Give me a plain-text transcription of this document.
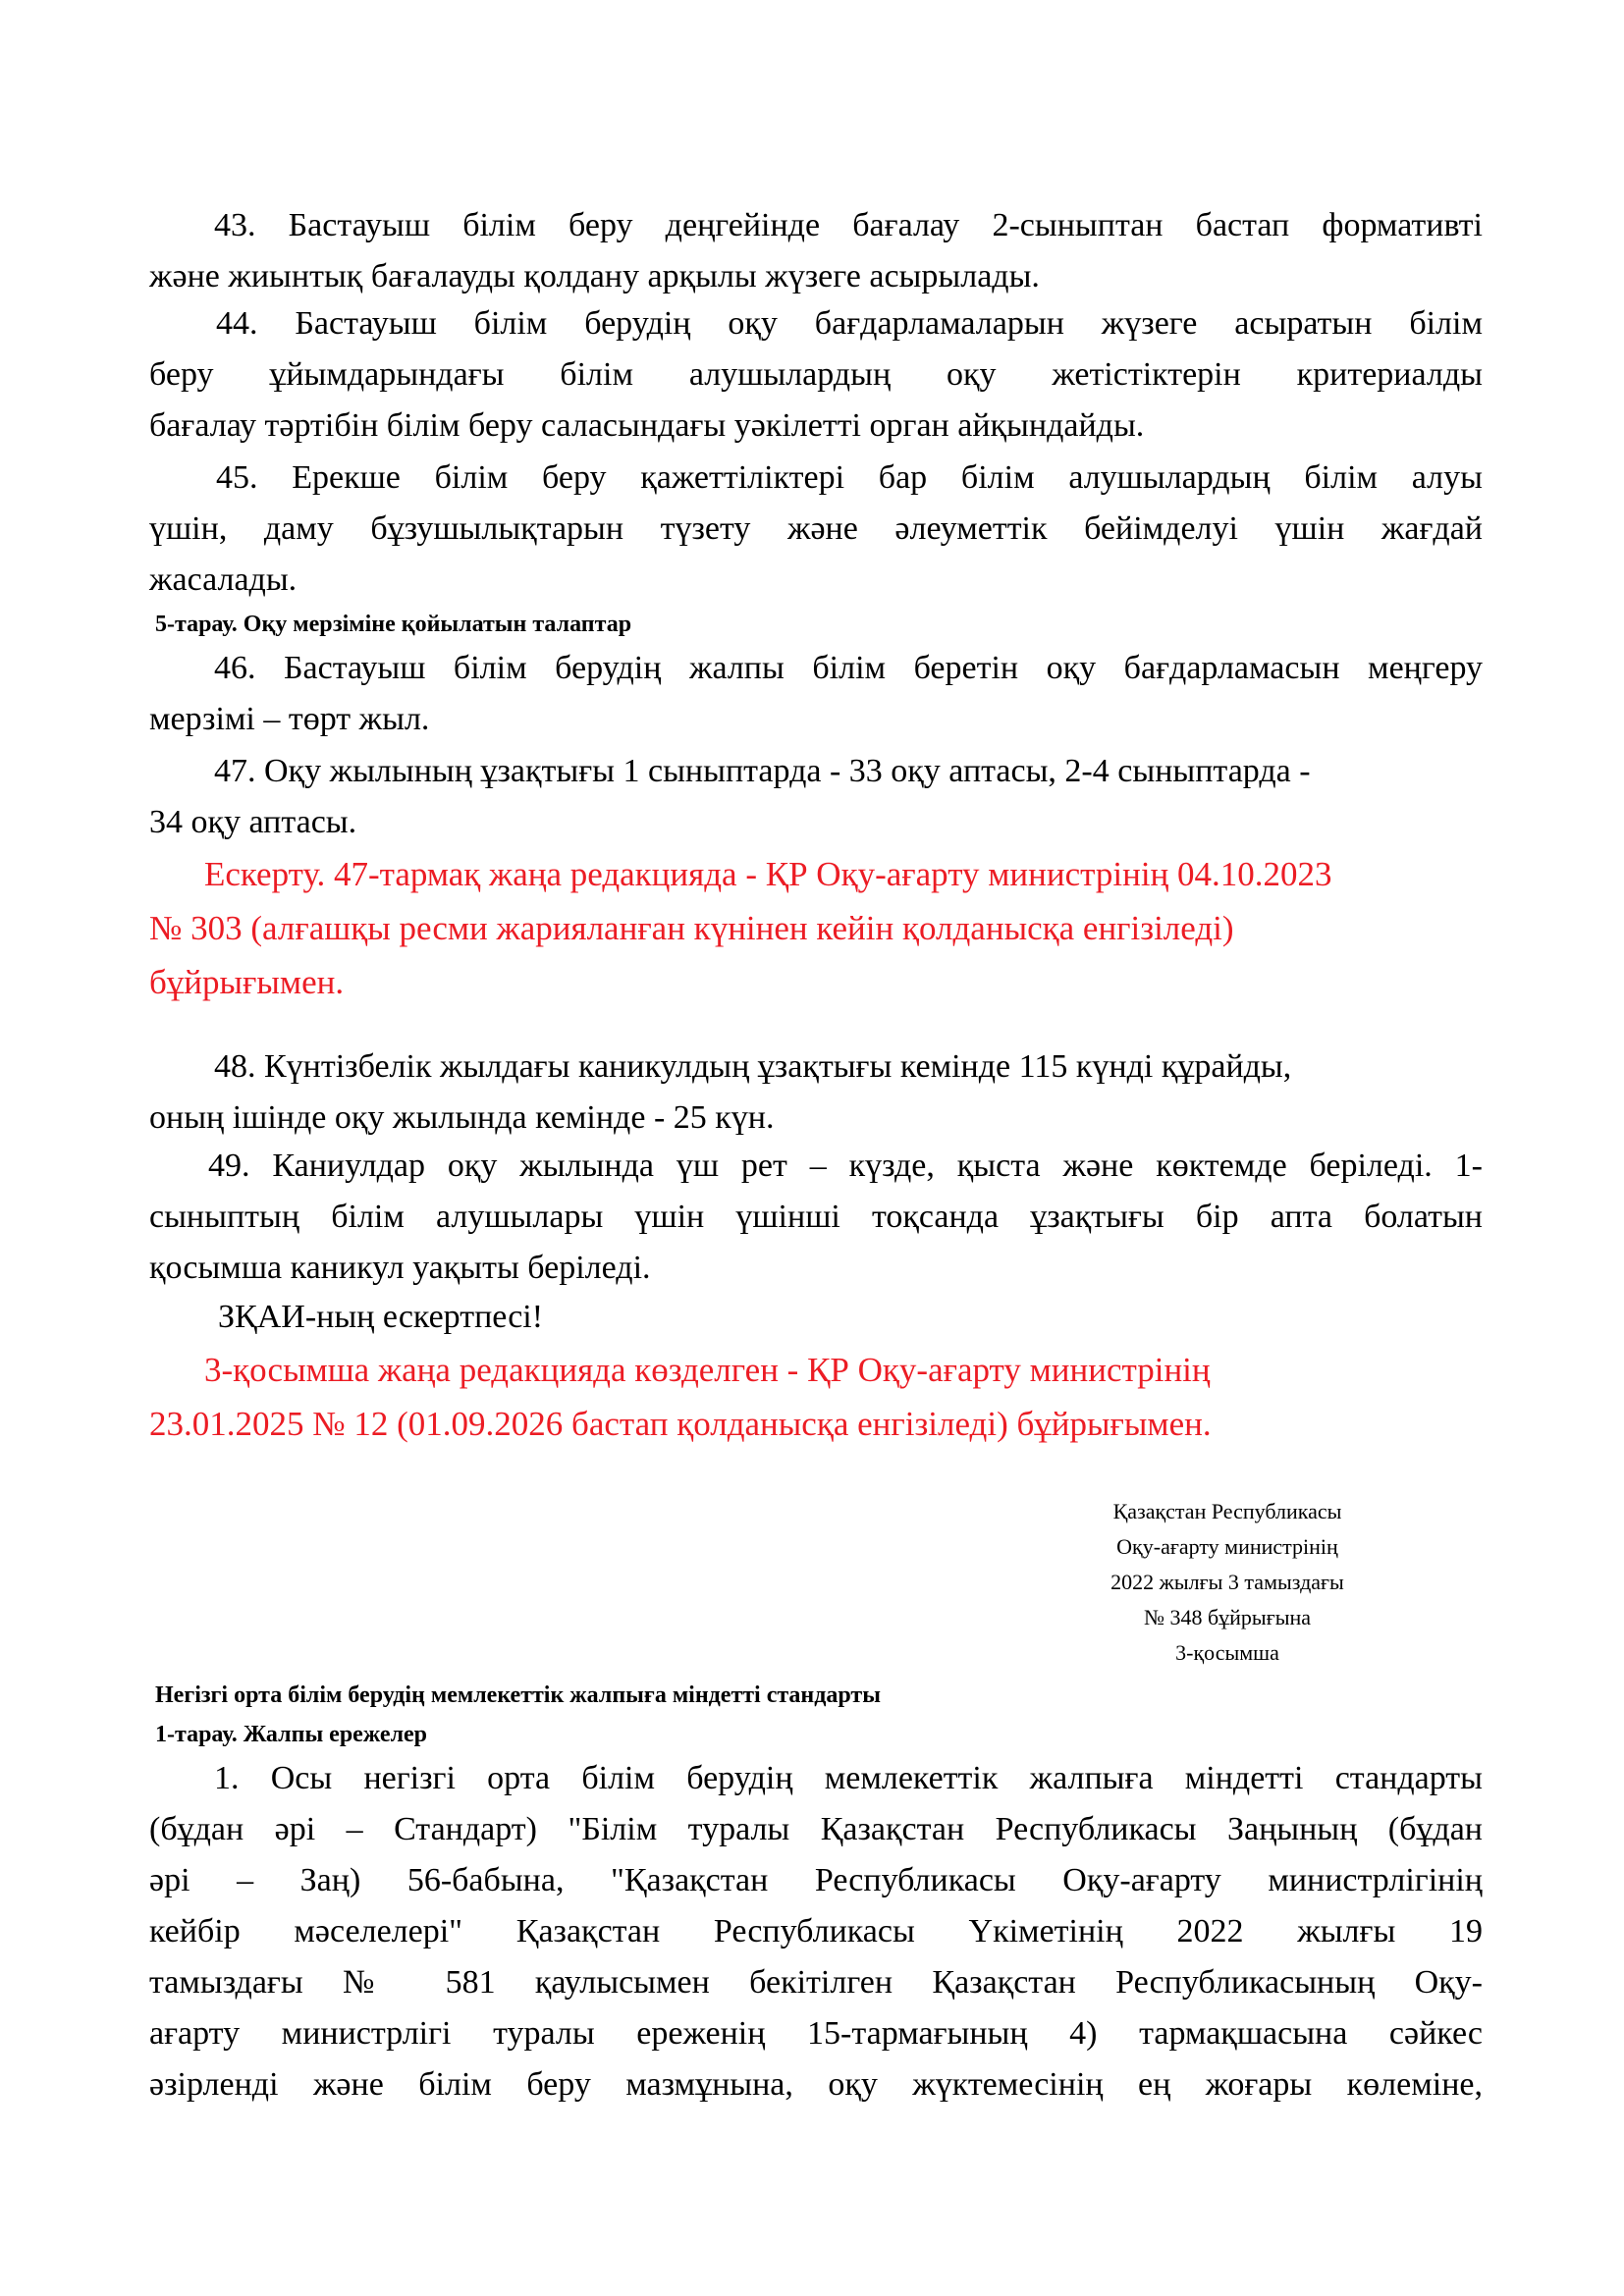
43. Бастауыш білім беру деңгейінде бағалау 2-сыныптан бастап формативті
және жиынтық бағалауды қолдану арқылы жүзеге асырылады.

44. Бастауыш білім берудің оқу бағдарламаларын жүзеге асыратын білім
беру ұйымдарындағы білім алушылардың оқу жетістіктерін критериалды
бағалау тәртібін білім беру саласындағы уәкілетті орган айқындайды.

45. Ерекше білім беру қажеттіліктері бар білім алушылардың білім алуы
үшін, даму бұзушылықтарын түзету және әлеуметтік бейімделуі үшін жағдай
жасалады.

5-тарау. Оқу мерзіміне қойылатын талаптар

46. Бастауыш білім берудің жалпы білім беретін оқу бағдарламасын меңгеру
мерзімі – төрт жыл.

47. Оқу жылының ұзақтығы 1 сыныптарда - 33 оқу аптасы, 2-4 сыныптарда -
34 оқу аптасы.

Ескерту. 47-тармақ жаңа редакцияда - ҚР Оқу-ағарту министрінің 04.10.2023
№ 303 (алғашқы ресми жарияланған күнінен кейін қолданысқа енгізіледі)
бұйрығымен.

48. Күнтізбелік жылдағы каникулдың ұзақтығы кемінде 115 күнді құрайды,
оның ішінде оқу жылында кемінде - 25 күн.

49. Каниулдар оқу жылында үш рет – күзде, қыста және көктемде беріледі. 1-
сыныптың білім алушылары үшін үшінші тоқсанда ұзақтығы бір апта болатын
қосымша каникул уақыты беріледі.

ЗҚАИ-ның ескертпесі!

3-қосымша жаңа редакцияда көзделген - ҚР Оқу-ағарту министрінің
23.01.2025 № 12 (01.09.2026 бастап қолданысқа енгізіледі) бұйрығымен.

Қазақстан Республикасы
Оқу-ағарту министрінің
2022 жылғы 3 тамыздағы
№ 348 бұйрығына
3-қосымша
Негізгі орта білім берудің мемлекеттік жалпыға міндетті стандарты
1-тарау. Жалпы ережелер

1. Осы негізгі орта білім берудің мемлекеттік жалпыға міндетті стандарты
(бұдан әрі – Стандарт) "Білім туралы Қазақстан Республикасы Заңының (бұдан
әрі – Заң) 56-бабына, "Қазақстан Республикасы Оқу-ағарту министрлігінің
кейбір мәселелері" Қазақстан Республикасы Үкіметінің 2022 жылғы 19
тамыздағы № 581 қаулысымен бекітілген Қазақстан Республикасының Оқу-
ағарту министрлігі туралы ереженің 15-тармағының 4) тармақшасына сәйкес
әзірленді және білім беру мазмұнына, оқу жүктемесінің ең жоғары көлеміне,
